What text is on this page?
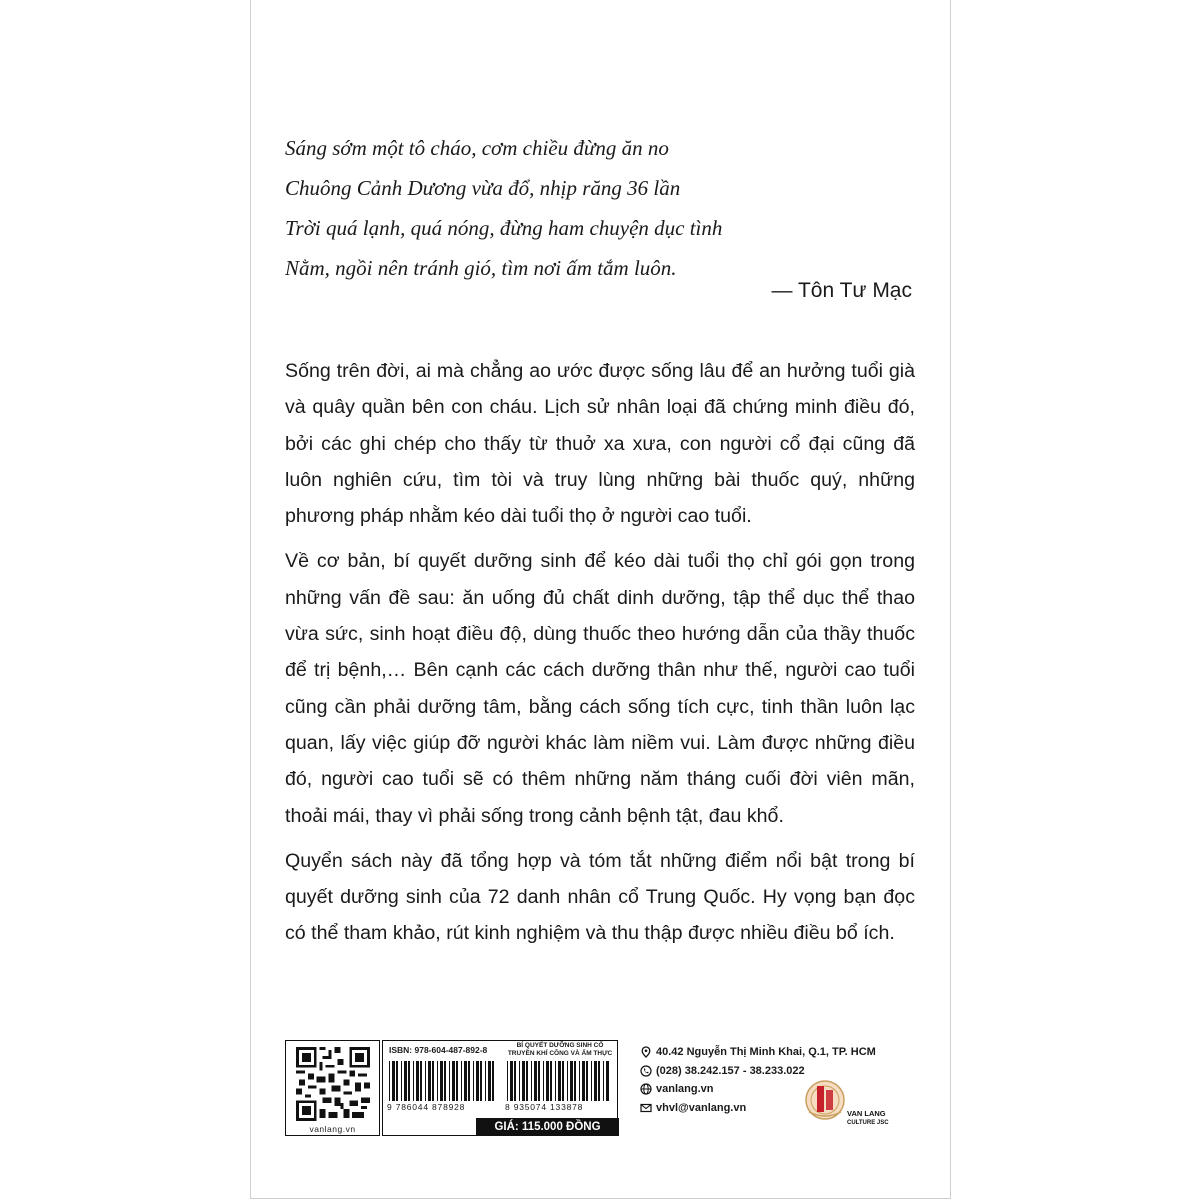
Sáng sớm một tô cháo, cơm chiều đừng ăn no
Chuông Cảnh Dương vừa đổ, nhịp răng 36 lần
Trời quá lạnh, quá nóng, đừng ham chuyện dục tình
Nằm, ngồi nên tránh gió, tìm nơi ấm tắm luôn.
— Tôn Tư Mạc

Sống trên đời, ai mà chẳng ao ước được sống lâu để an hưởng tuổi già và quây quần bên con cháu. Lịch sử nhân loại đã chứng minh điều đó, bởi các ghi chép cho thấy từ thuở xa xưa, con người cổ đại cũng đã luôn nghiên cứu, tìm tòi và truy lùng những bài thuốc quý, những phương pháp nhằm kéo dài tuổi thọ ở người cao tuổi.

Về cơ bản, bí quyết dưỡng sinh để kéo dài tuổi thọ chỉ gói gọn trong những vấn đề sau: ăn uống đủ chất dinh dưỡng, tập thể dục thể thao vừa sức, sinh hoạt điều độ, dùng thuốc theo hướng dẫn của thầy thuốc để trị bệnh,… Bên cạnh các cách dưỡng thân như thế, người cao tuổi cũng cần phải dưỡng tâm, bằng cách sống tích cực, tinh thần luôn lạc quan, lấy việc giúp đỡ người khác làm niềm vui. Làm được những điều đó, người cao tuổi sẽ có thêm những năm tháng cuối đời viên mãn, thoải mái, thay vì phải sống trong cảnh bệnh tật, đau khổ.

Quyển sách này đã tổng hợp và tóm tắt những điểm nổi bật trong bí quyết dưỡng sinh của 72 danh nhân cổ Trung Quốc. Hy vọng bạn đọc có thể tham khảo, rút kinh nghiệm và thu thập được nhiều điều bổ ích.

vanlang.vn
ISBN: 978-604-487-892-8	BÍ QUYẾT DƯỠNG SINH CỔ TRUYỀN KHÍ CÔNG VÀ ẨM THỰC
9 786044 878928	8 935074 133878
GIÁ: 115.000 ĐỒNG
40.42 Nguyễn Thị Minh Khai, Q.1, TP. HCM
(028) 38.242.157 - 38.233.022
vanlang.vn
vhvl@vanlang.vn	VAN LANG
CULTURE JSC
